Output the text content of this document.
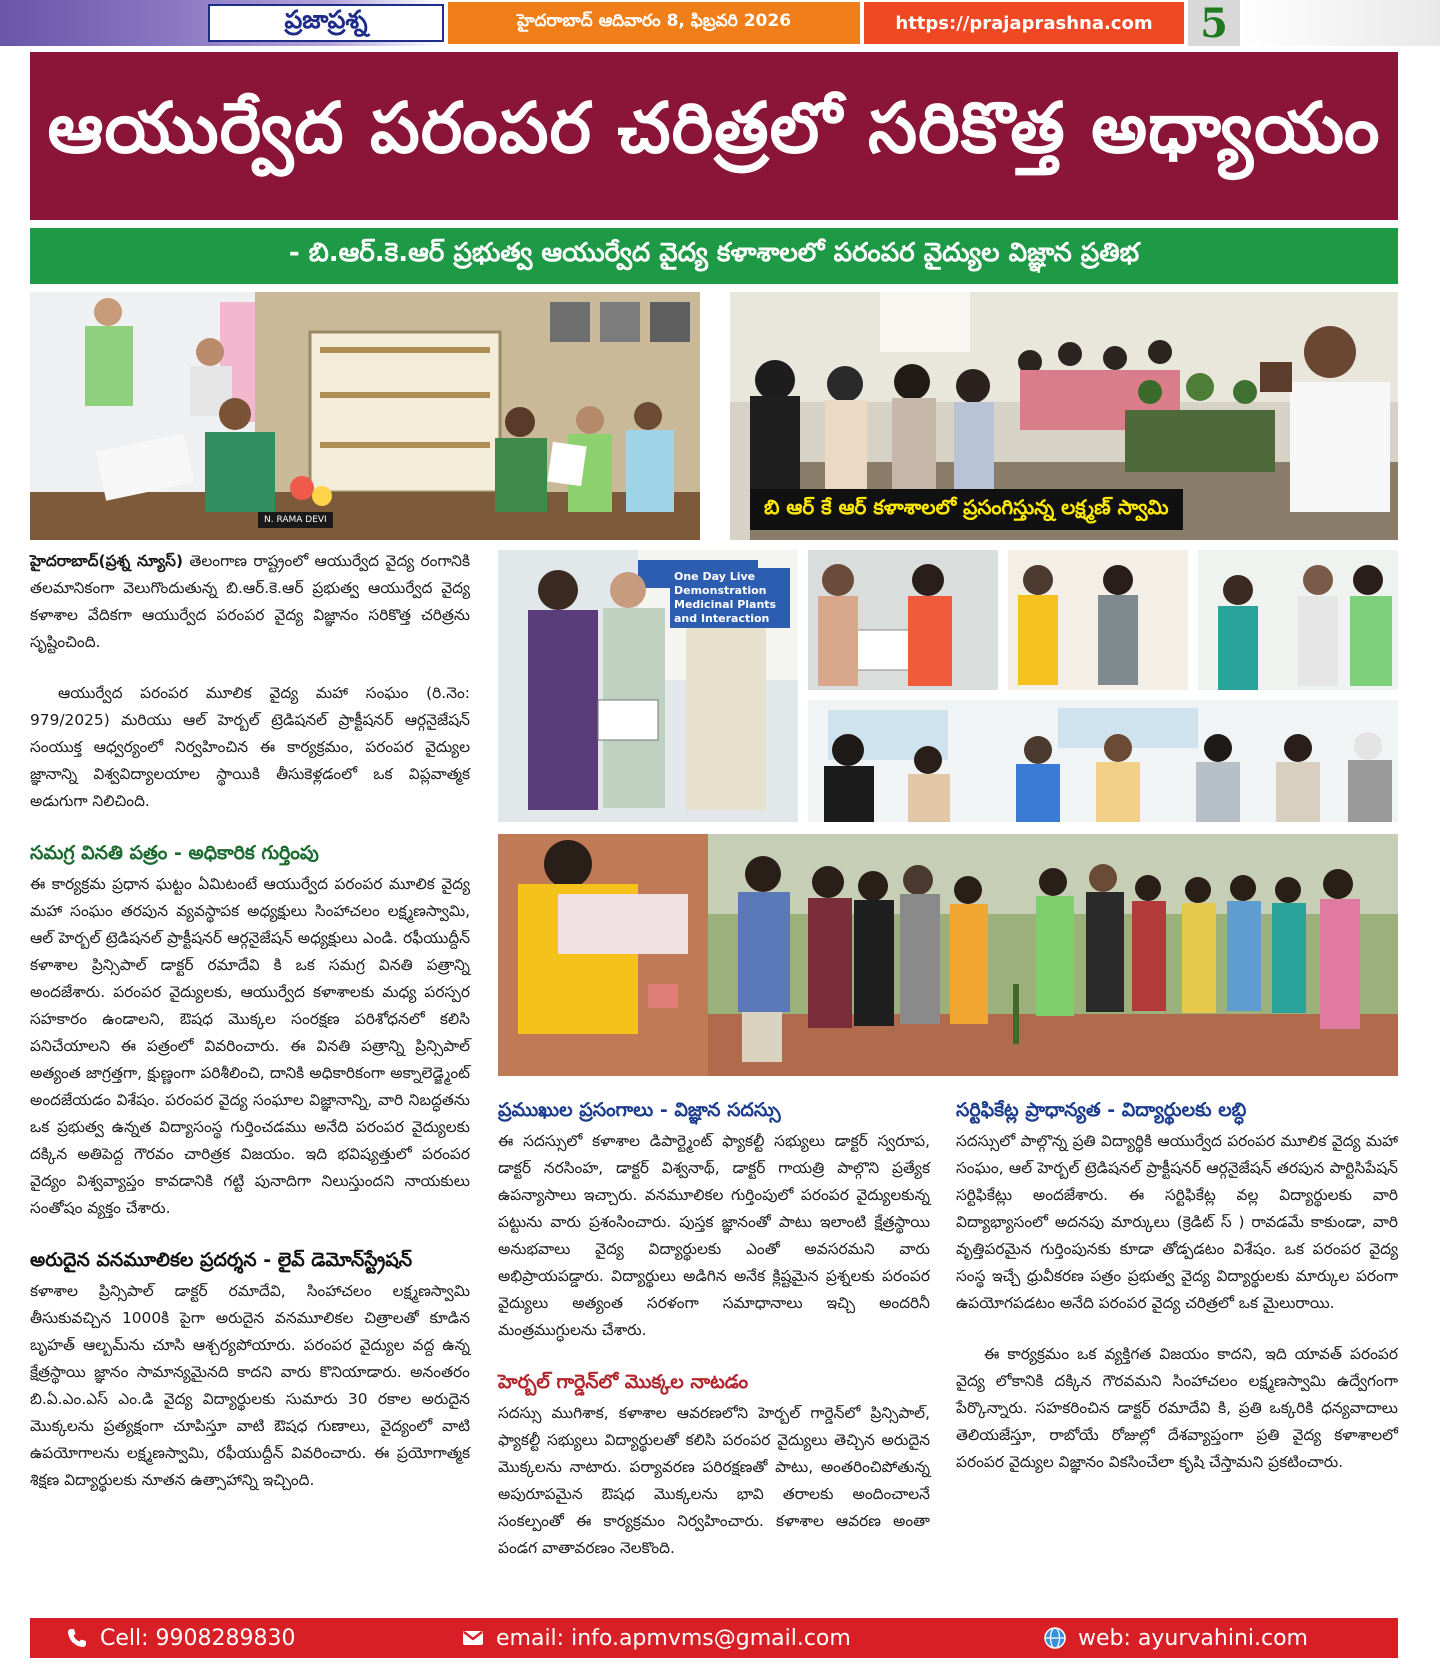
ప్రజాప్రశ్న	హైదరాబాద్ ఆదివారం 8, ఫిబ్రవరి 2026	https://prajaprashna.com	5
ఆయుర్వేద పరంపర చరిత్రలో సరికొత్త అధ్యాయం
- బి.ఆర్.కె.ఆర్ ప్రభుత్వ ఆయుర్వేద వైద్య కళాశాలలో పరంపర వైద్యుల విజ్ఞాన ప్రతిభ
N. RAMA DEVI
బి ఆర్ కే ఆర్ కళాశాలలో ప్రసంగిస్తున్న లక్ష్మణ్ స్వామి
One Day Live Demonstration Medicinal Plants and Interaction

హైదరాబాద్(ప్రశ్న న్యూస్) తెలంగాణ రాష్ట్రంలో ఆయుర్వేద వైద్య రంగానికి తలమానికంగా వెలుగొందుతున్న బి.ఆర్.కె.ఆర్ ప్రభుత్వ ఆయుర్వేద వైద్య కళాశాల వేదికగా ఆయుర్వేద పరంపర వైద్య విజ్ఞానం సరికొత్త చరిత్రను సృష్టించింది.

ఆయుర్వేద పరంపర మూలిక వైద్య మహా సంఘం (రి.నెం: 979/2025) మరియు ఆల్ హెర్బల్ ట్రెడిషనల్ ప్రాక్టీషనర్ ఆర్గనైజేషన్ సంయుక్త ఆధ్వర్యంలో నిర్వహించిన ఈ కార్యక్రమం, పరంపర వైద్యుల జ్ఞానాన్ని విశ్వవిద్యాలయాల స్థాయికి తీసుకెళ్లడంలో ఒక విప్లవాత్మక అడుగుగా నిలిచింది.

సమగ్ర వినతి పత్రం - అధికారిక గుర్తింపు

ఈ కార్యక్రమ ప్రధాన ఘట్టం ఏమిటంటే ఆయుర్వేద పరంపర మూలిక వైద్య మహా సంఘం తరపున వ్యవస్థాపక అధ్యక్షులు సింహాచలం లక్ష్మణస్వామి, ఆల్ హెర్బల్ ట్రెడిషనల్ ప్రాక్టీషనర్ ఆర్గనైజేషన్ అధ్యక్షులు ఎండి. రఫీయుద్దీన్ కళాశాల ప్రిన్సిపాల్ డాక్టర్ రమాదేవి కి ఒక సమగ్ర వినతి పత్రాన్ని అందజేశారు. పరంపర వైద్యులకు, ఆయుర్వేద కళాశాలకు మధ్య పరస్పర సహకారం ఉండాలని, ఔషధ మొక్కల సంరక్షణ పరిశోధనలో కలిసి పనిచేయాలని ఈ పత్రంలో వివరించారు. ఈ వినతి పత్రాన్ని ప్రిన్సిపాల్ అత్యంత జాగ్రత్తగా, క్షుణ్ణంగా పరిశీలించి, దానికి అధికారికంగా అక్నాలెడ్జ్మెంట్ అందజేయడం విశేషం. పరంపర వైద్య సంఘాల విజ్ఞానాన్ని, వారి నిబద్ధతను ఒక ప్రభుత్వ ఉన్నత విద్యాసంస్థ గుర్తించడము అనేది పరంపర వైద్యులకు దక్కిన అతిపెద్ద గౌరవం చారిత్రక విజయం. ఇది భవిష్యత్తులో పరంపర వైద్యం విశ్వవ్యాప్తం కావడానికి గట్టి పునాదిగా నిలుస్తుందని నాయకులు సంతోషం వ్యక్తం చేశారు.

అరుదైన వనమూలికల ప్రదర్శన - లైవ్ డెమోన్‌స్ట్రేషన్

కళాశాల ప్రిన్సిపాల్ డాక్టర్ రమాదేవి, సింహాచలం లక్ష్మణస్వామి తీసుకువచ్చిన 1000కి పైగా అరుదైన వనమూలికల చిత్రాలతో కూడిన బృహత్ ఆల్బమ్‌ను చూసి ఆశ్చర్యపోయారు. పరంపర వైద్యుల వద్ద ఉన్న క్షేత్రస్థాయి జ్ఞానం సామాన్యమైనది కాదని వారు కొనియాడారు. అనంతరం బి.ఏ.ఎం.ఎస్ ఎం.డి వైద్య విద్యార్థులకు సుమారు 30 రకాల అరుదైన మొక్కలను ప్రత్యక్షంగా చూపిస్తూ వాటి ఔషధ గుణాలు, వైద్యంలో వాటి ఉపయోగాలను లక్ష్మణస్వామి, రఫీయుద్దీన్ వివరించారు. ఈ ప్రయోగాత్మక శిక్షణ విద్యార్థులకు నూతన ఉత్సాహాన్ని ఇచ్చింది.

ప్రముఖుల ప్రసంగాలు - విజ్ఞాన సదస్సు

ఈ సదస్సులో కళాశాల డిపార్ట్మెంట్ ఫ్యాకల్టీ సభ్యులు డాక్టర్ స్వరూప, డాక్టర్ నరసింహ, డాక్టర్ విశ్వనాథ్, డాక్టర్ గాయత్రి పాల్గొని ప్రత్యేక ఉపన్యాసాలు ఇచ్చారు. వనమూలికల గుర్తింపులో పరంపర వైద్యులకున్న పట్టును వారు ప్రశంసించారు. పుస్తక జ్ఞానంతో పాటు ఇలాంటి క్షేత్రస్థాయి అనుభవాలు వైద్య విద్యార్థులకు ఎంతో అవసరమని వారు అభిప్రాయపడ్డారు. విద్యార్థులు అడిగిన అనేక క్లిష్టమైన ప్రశ్నలకు పరంపర వైద్యులు అత్యంత సరళంగా సమాధానాలు ఇచ్చి అందరినీ మంత్రముగ్ధులను చేశారు.

హెర్బల్ గార్డెన్‌లో మొక్కల నాటడం

సదస్సు ముగిశాక, కళాశాల ఆవరణలోని హెర్బల్ గార్డెన్‌లో ప్రిన్సిపాల్, ఫ్యాకల్టీ సభ్యులు విద్యార్థులతో కలిసి పరంపర వైద్యులు తెచ్చిన అరుదైన మొక్కలను నాటారు. పర్యావరణ పరిరక్షణతో పాటు, అంతరించిపోతున్న అపురూపమైన ఔషధ మొక్కలను భావి తరాలకు అందించాలనే సంకల్పంతో ఈ కార్యక్రమం నిర్వహించారు. కళాశాల ఆవరణ అంతా పండగ వాతావరణం నెలకొంది.

సర్టిఫికేట్ల ప్రాధాన్యత - విద్యార్థులకు లబ్ధి

సదస్సులో పాల్గొన్న ప్రతి విద్యార్థికి ఆయుర్వేద పరంపర మూలిక వైద్య మహా సంఘం, ఆల్ హెర్బల్ ట్రెడిషనల్ ప్రాక్టీషనర్ ఆర్గనైజేషన్ తరపున పార్టిసిపేషన్ సర్టిఫికేట్లు అందజేశారు. ఈ సర్టిఫికేట్ల వల్ల విద్యార్థులకు వారి విద్యాభ్యాసంలో అదనపు మార్కులు (క్రెడిట్ స్ ) రావడమే కాకుండా, వారి వృత్తిపరమైన గుర్తింపునకు కూడా తోడ్పడటం విశేషం. ఒక పరంపర వైద్య సంస్థ ఇచ్చే ధ్రువీకరణ పత్రం ప్రభుత్వ వైద్య విద్యార్థులకు మార్కుల పరంగా ఉపయోగపడటం అనేది పరంపర వైద్య చరిత్రలో ఒక మైలురాయి.

ఈ కార్యక్రమం ఒక వ్యక్తిగత విజయం కాదని, ఇది యావత్ పరంపర వైద్య లోకానికి దక్కిన గౌరవమని సింహాచలం లక్ష్మణస్వామి ఉద్వేగంగా పేర్కొన్నారు. సహకరించిన డాక్టర్ రమాదేవి కి, ప్రతి ఒక్కరికి ధన్యవాదాలు తెలియజేస్తూ, రాబోయే రోజుల్లో దేశవ్యాప్తంగా ప్రతి వైద్య కళాశాలలో పరంపర వైద్యుల విజ్ఞానం వికసించేలా కృషి చేస్తామని ప్రకటించారు.

Cell: 9908289830	email: info.apmvms@gmail.com	web: ayurvahini.com
